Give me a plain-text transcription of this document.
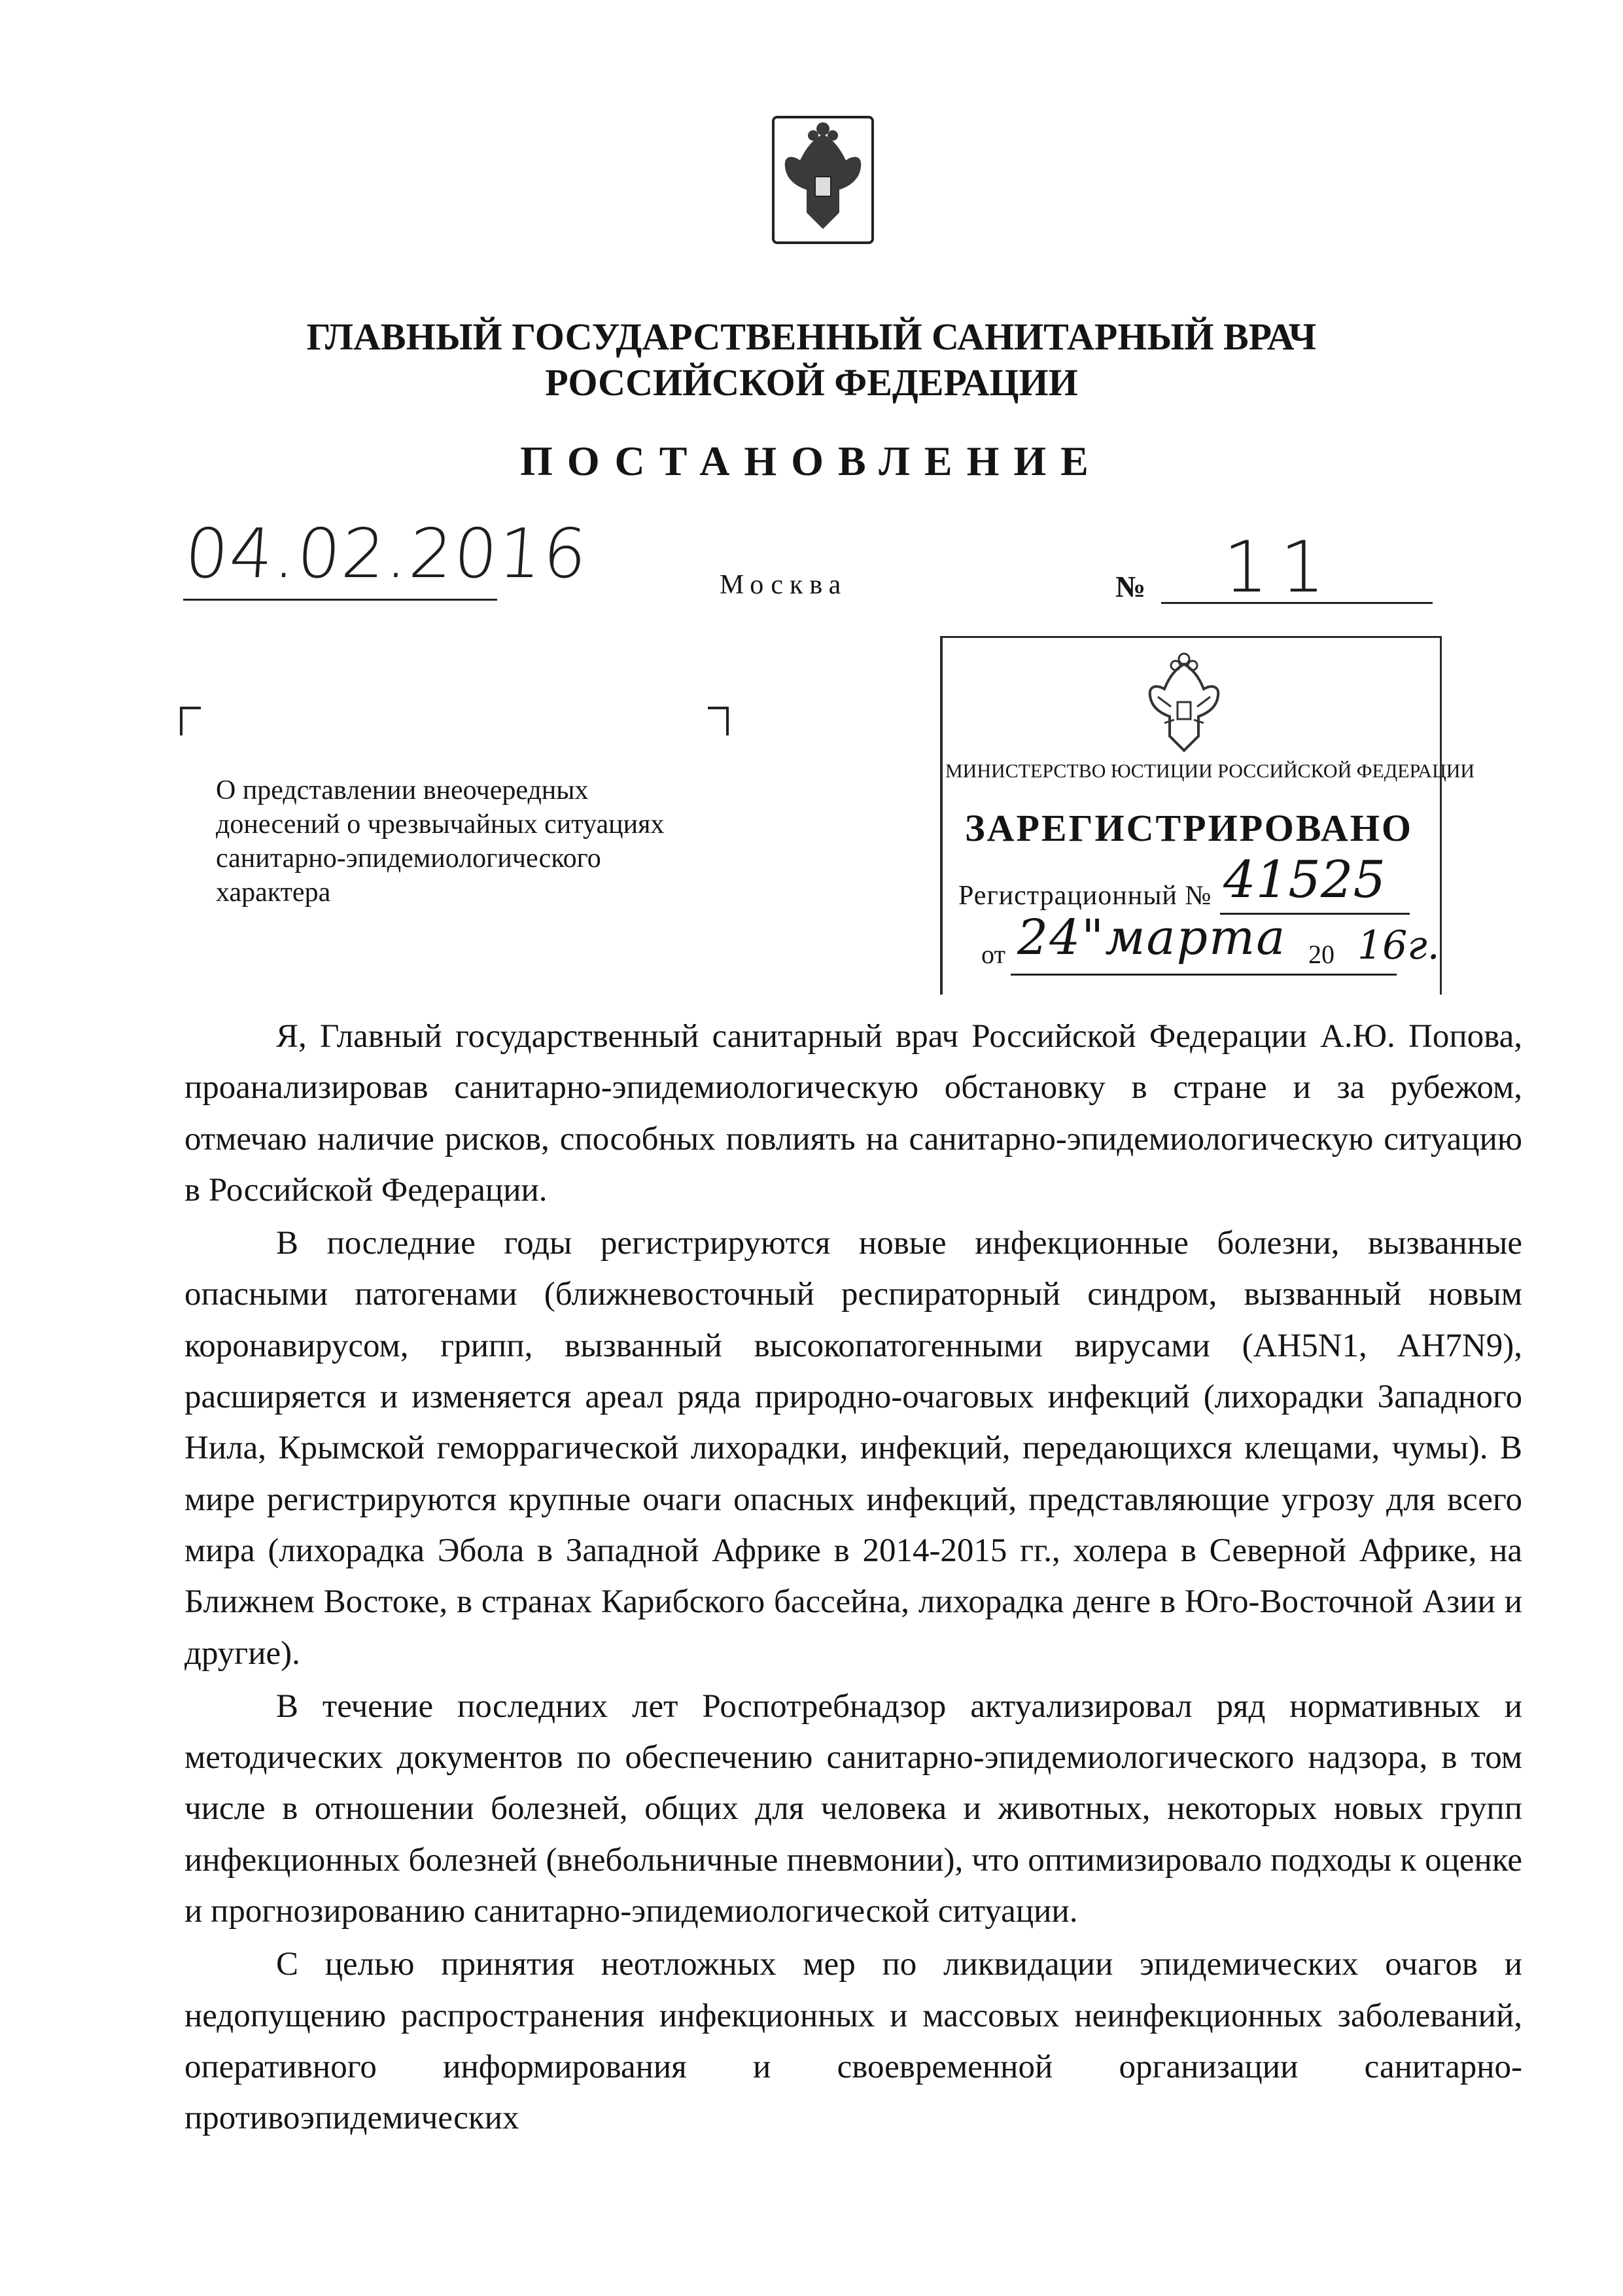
ГЛАВНЫЙ ГОСУДАРСТВЕННЫЙ САНИТАРНЫЙ ВРАЧ
РОССИЙСКОЙ ФЕДЕРАЦИИ
ПОСТАНОВЛЕНИЕ
04.02.2016	Москва	№ 11
О представлении внеочередных
донесений о чрезвычайных ситуациях
санитарно-эпидемиологического
характера
МИНИСТЕРСТВО ЮСТИЦИИ РОССИЙСКОЙ ФЕДЕРАЦИИ
ЗАРЕГИСТРИРОВАНО
Регистрационный № 41525
от 24"марта 20 16г.

Я, Главный государственный санитарный врач Российской Федерации А.Ю. Попова, проанализировав санитарно-эпидемиологическую обстановку в стране и за рубежом, отмечаю наличие рисков, способных повлиять на санитарно-эпидемиологическую ситуацию в Российской Федерации.

В последние годы регистрируются новые инфекционные болезни, вызванные опасными патогенами (ближневосточный респираторный синдром, вызванный новым коронавирусом, грипп, вызванный высокопатогенными вирусами (AH5N1, AH7N9), расширяется и изменяется ареал ряда природно-очаговых инфекций (лихорадки Западного Нила, Крымской геморрагической лихорадки, инфекций, передающихся клещами, чумы). В мире регистрируются крупные очаги опасных инфекций, представляющие угрозу для всего мира (лихорадка Эбола в Западной Африке в 2014-2015 гг., холера в Северной Африке, на Ближнем Востоке, в странах Карибского бассейна, лихорадка денге в Юго-Восточной Азии и другие).

В течение последних лет Роспотребнадзор актуализировал ряд нормативных и методических документов по обеспечению санитарно-эпидемиологического надзора, в том числе в отношении болезней, общих для человека и животных, некоторых новых групп инфекционных болезней (внебольничные пневмонии), что оптимизировало подходы к оценке и прогнозированию санитарно-эпидемиологической ситуации.

С целью принятия неотложных мер по ликвидации эпидемических очагов и недопущению распространения инфекционных и массовых неинфекционных заболеваний, оперативного информирования и своевременной организации санитарно-противоэпидемических
